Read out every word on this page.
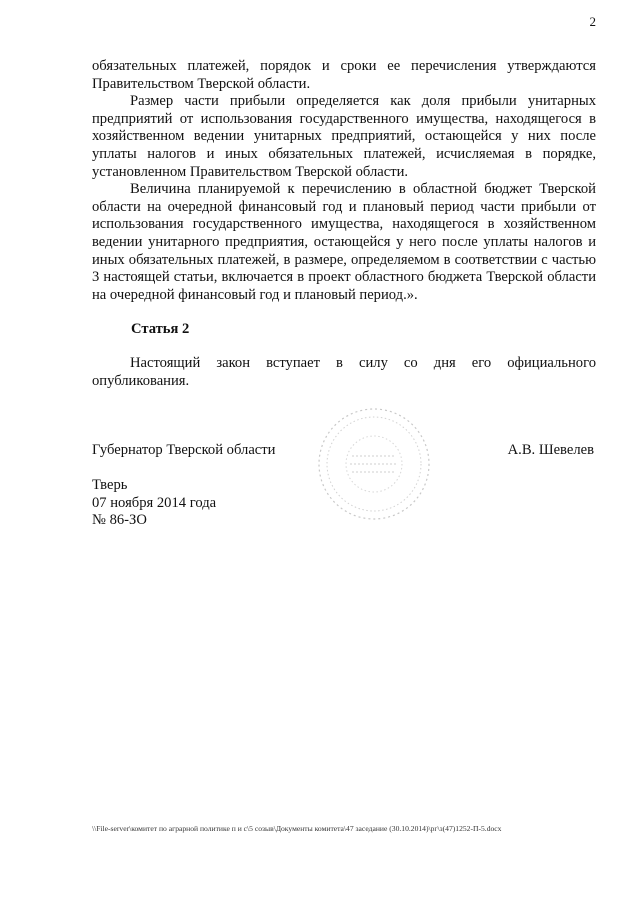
2

обязательных платежей, порядок и сроки ее перечисления утверждаются Правительством Тверской области.

Размер части прибыли определяется как доля прибыли унитарных предприятий от использования государственного имущества, находящегося в хозяйственном ведении унитарных предприятий, остающейся у них после уплаты налогов и иных обязательных платежей, исчисляемая в порядке, установленном Правительством Тверской области.

Величина планируемой к перечислению в областной бюджет Тверской области на очередной финансовый год и плановый период части прибыли от использования государственного имущества, находящегося в хозяйственном ведении унитарного предприятия, остающейся у него после уплаты налогов и иных обязательных платежей, в размере, определяемом в соответствии с частью 3 настоящей статьи, включается в проект областного бюджета Тверской области на очередной финансовый год и плановый период.».

Статья 2

Настоящий закон вступает в силу со дня его официального опубликования.

Губернатор Тверской области	А.В. Шевелев
Тверь
07 ноября 2014 года
№ 86-ЗО
\\File-server\комитет по аграрной политике п и с\5 созыв\Документы комитета\47 заседание (30.10.2014)\рг\з(47)1252-П-5.docx
